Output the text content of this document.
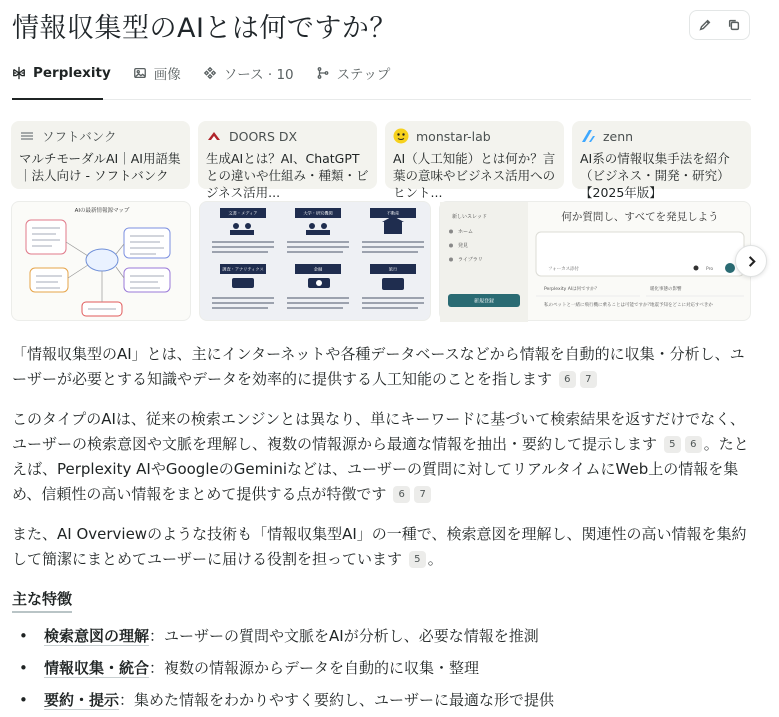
情報収集型のAIとは何ですか？
Perplexity	画像	ソース · 10	ステップ
ソフトバンク
マルチモーダルAI｜AI用語集｜法人向け - ソフトバンク
DOORS DX
生成AIとは？AI、ChatGPTとの違いや仕組み・種類・ビジネス活用...
monstar-lab
AI（人工知能）とは何か？言葉の意味やビジネス活用へのヒント...
zenn
AI系の情報収集手法を紹介（ビジネス・開発・研究）【2025年版】
AIの最新情報源マップ	文書・メディア	大学・研究機関	不動産
調査・アナリティクス	金融	旅行
新しいスレッド
ホーム
発見
ライブラリ
新規登録
何か質問し、すべてを発見しよう
フォーカス 添付	Pro
Perplexity AIは何ですか？	暖化事態の影響
私のペットと一緒に飛行機に乗ることは可能ですか？
地震予知をどこに対応すべきか

「情報収集型のAI」とは、主にインターネットや各種データベースなどから情報を自動的に収集・分析し、ユーザーが必要とする知識やデータを効率的に提供する人工知能のことを指します 6 7

このタイプのAIは、従来の検索エンジンとは異なり、単にキーワードに基づいて検索結果を返すだけでなく、ユーザーの検索意図や文脈を理解し、複数の情報源から最適な情報を抽出・要約して提示します 5 6 。たとえば、Perplexity AIやGoogleのGeminiなどは、ユーザーの質問に対してリアルタイムにWeb上の情報を集め、信頼性の高い情報をまとめて提供する点が特徴です 6 7

また、AI Overviewのような技術も「情報収集型AI」の一種で、検索意図を理解し、関連性の高い情報を集約して簡潔にまとめてユーザーに届ける役割を担っています 5 。

主な特徴
• 検索意図の理解：ユーザーの質問や文脈をAIが分析し、必要な情報を推測
• 情報収集・統合：複数の情報源からデータを自動的に収集・整理
• 要約・提示：集めた情報をわかりやすく要約し、ユーザーに最適な形で提供
